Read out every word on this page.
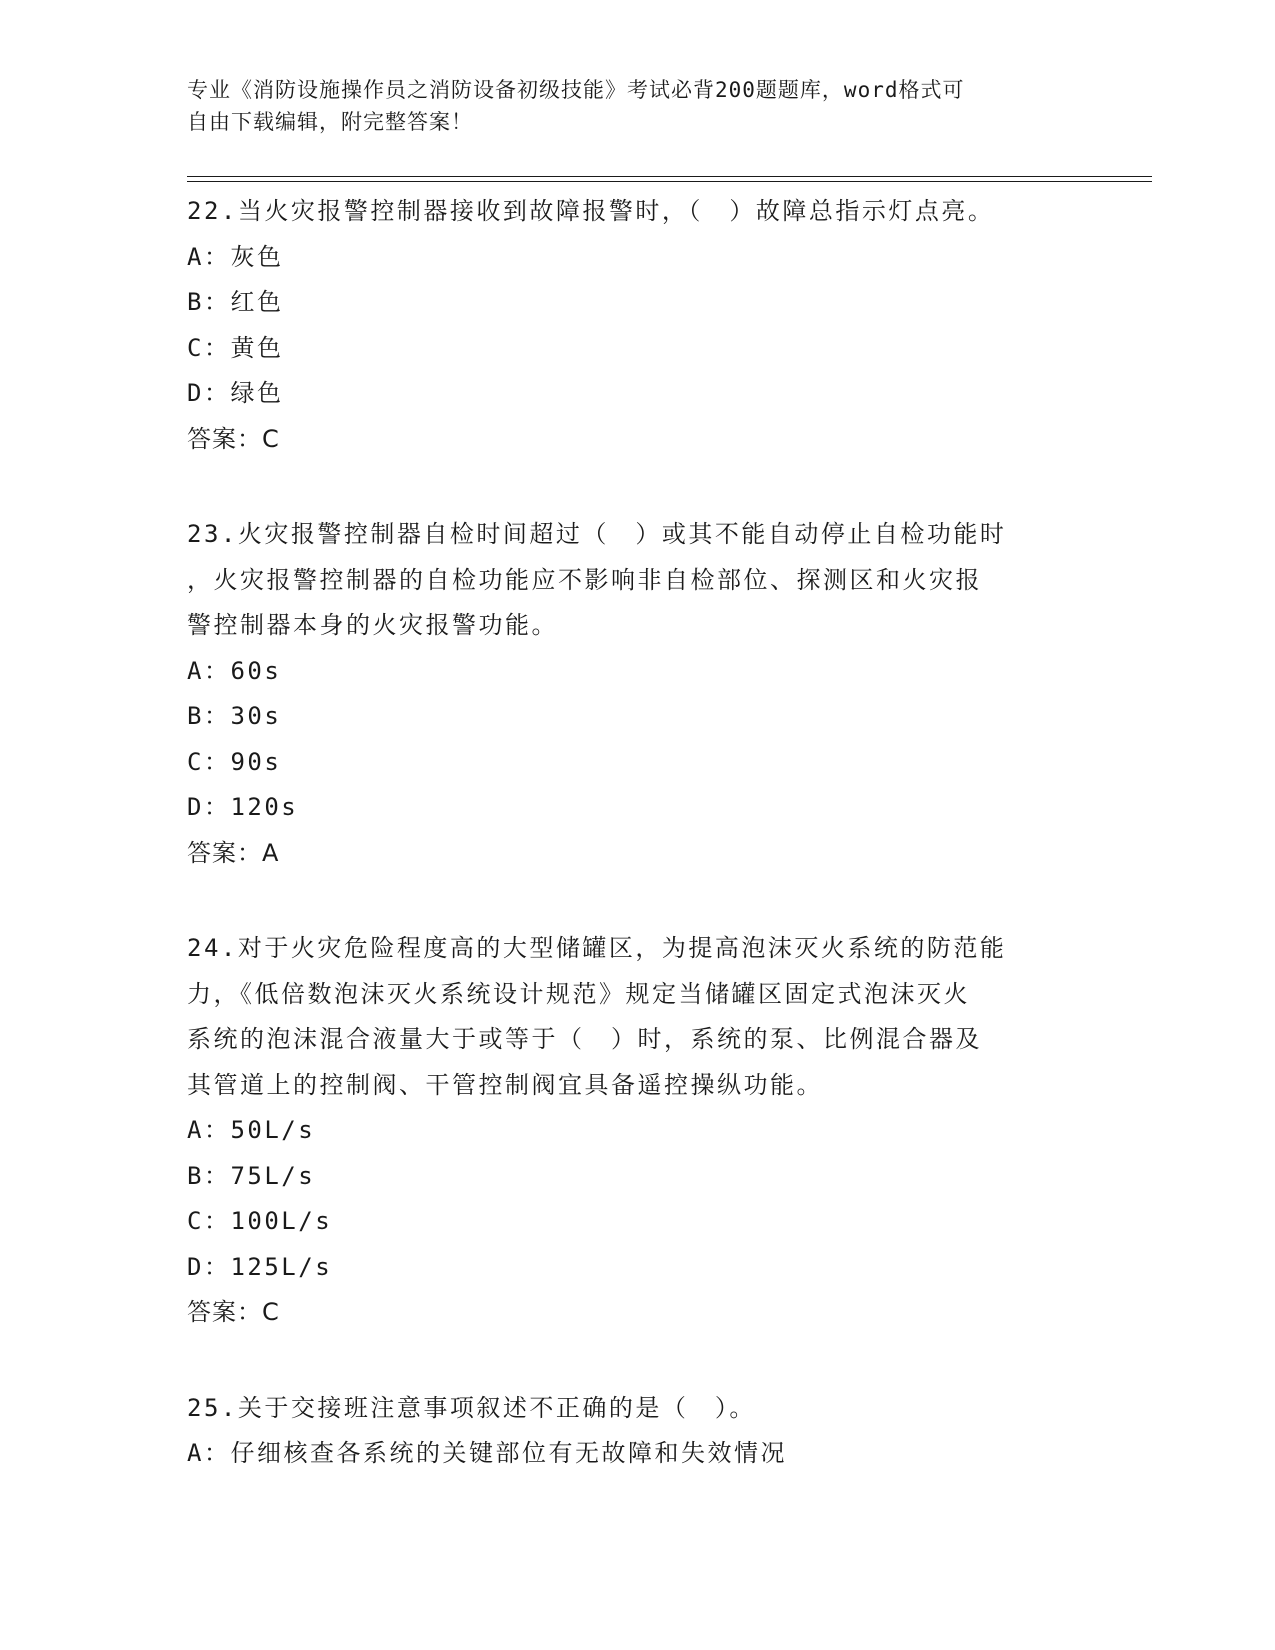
专业《消防设施操作员之消防设备初级技能》考试必背200题题库，word格式可
自由下载编辑，附完整答案！
22.当火灾报警控制器接收到故障报警时，（　）故障总指示灯点亮。
A ： 灰色
B ： 红色
C ： 黄色
D ： 绿色
答案：C
23.火灾报警控制器自检时间超过（　）或其不能自动停止自检功能时
，火灾报警控制器的自检功能应不影响非自检部位、探测区和火灾报
警控制器本身的火灾报警功能。
A ： 60s
B ： 30s
C ： 90s
D ： 120s
答案：A
24.对于火灾危险程度高的大型储罐区，为提高泡沫灭火系统的防范能
力，《低倍数泡沫灭火系统设计规范》规定当储罐区固定式泡沫灭火
系统的泡沫混合液量大于或等于（　）时，系统的泵、比例混合器及
其管道上的控制阀、干管控制阀宜具备遥控操纵功能。
A ： 50L/s
B ： 75L/s
C ： 100L/s
D ： 125L/s
答案：C
25.关于交接班注意事项叙述不正确的是（　）。
A ： 仔细核查各系统的关键部位有无故障和失效情况
